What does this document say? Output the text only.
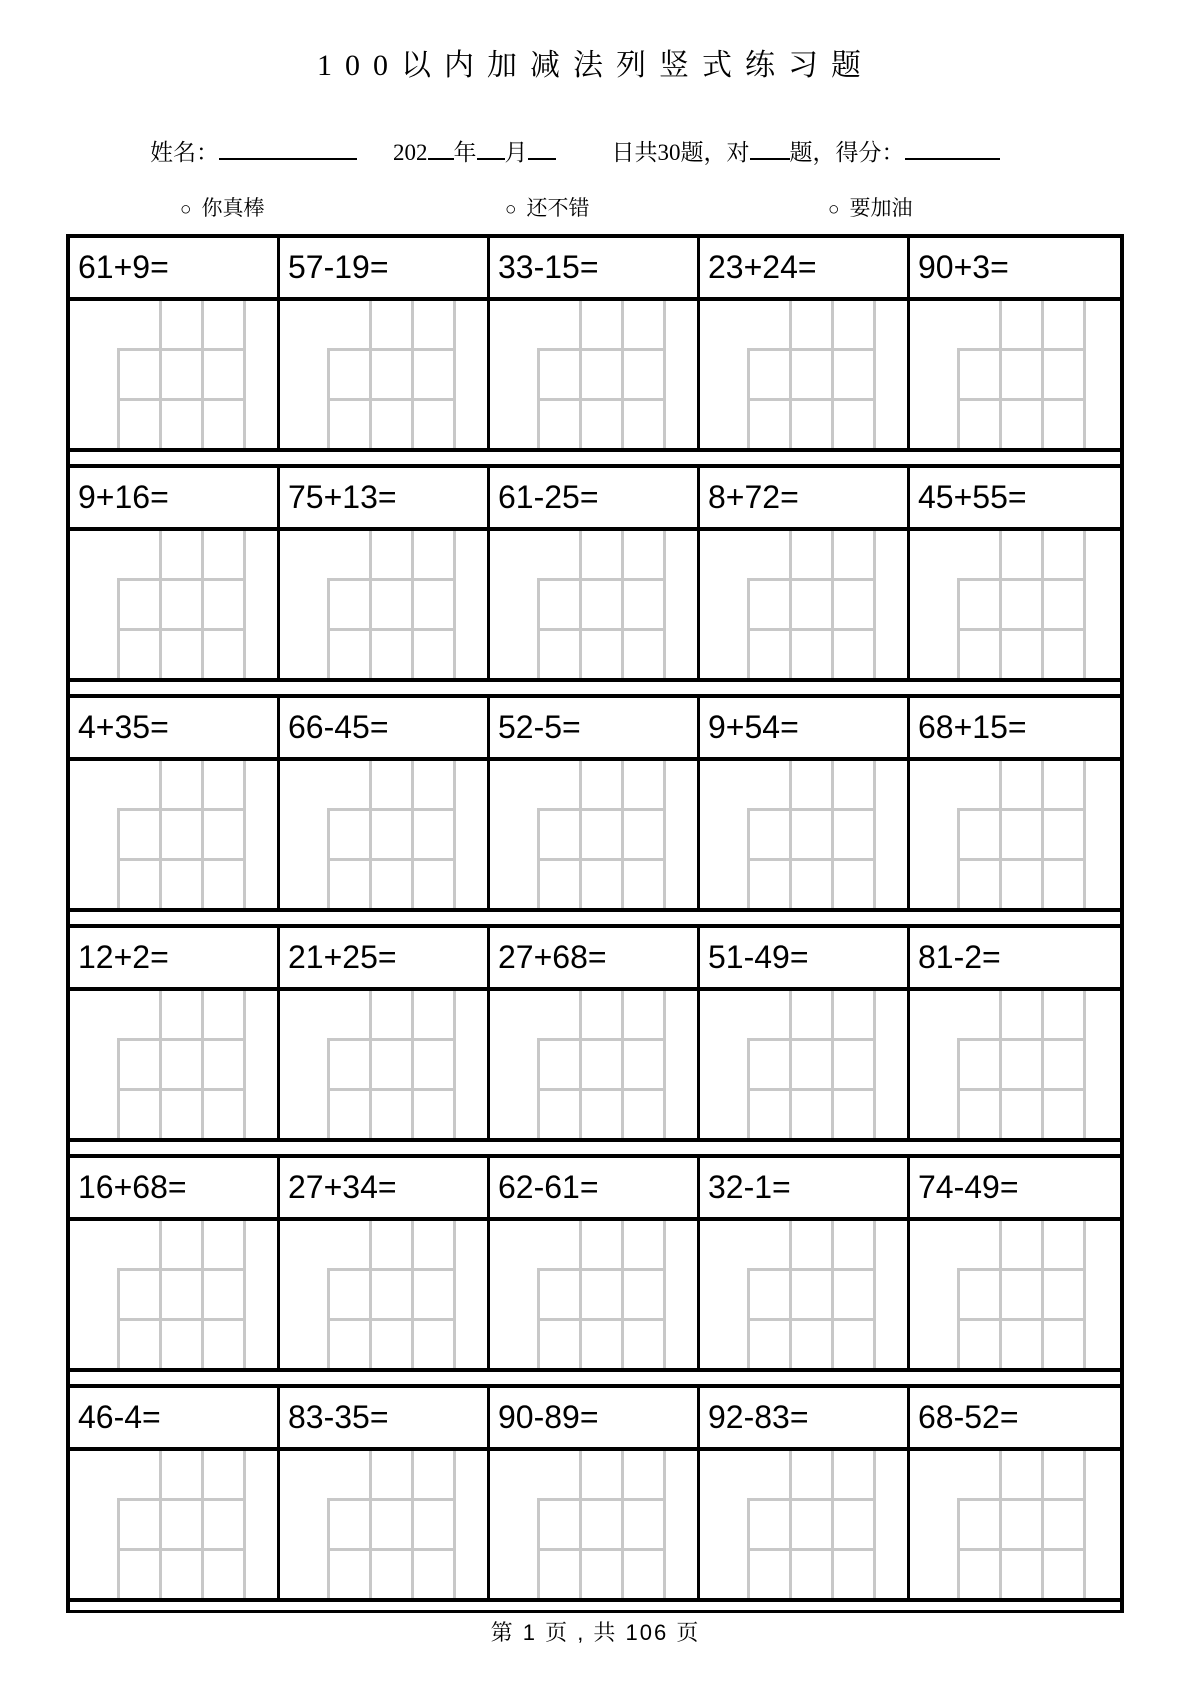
100以内加减法列竖式练习题
姓名：	202 年 月	日共30题，对 题，得分：
○ 你真棒	○ 还不错	○ 要加油
61+9=	57-19=	33-15=	23+24=	90+3=
9+16=	75+13=	61-25=	8+72=	45+55=
4+35=	66-45=	52-5=	9+54=	68+15=
12+2=	21+25=	27+68=	51-49=	81-2=
16+68=	27+34=	62-61=	32-1=	74-49=
46-4=	83-35=	90-89=	92-83=	68-52=
第 1 页 , 共 106 页
